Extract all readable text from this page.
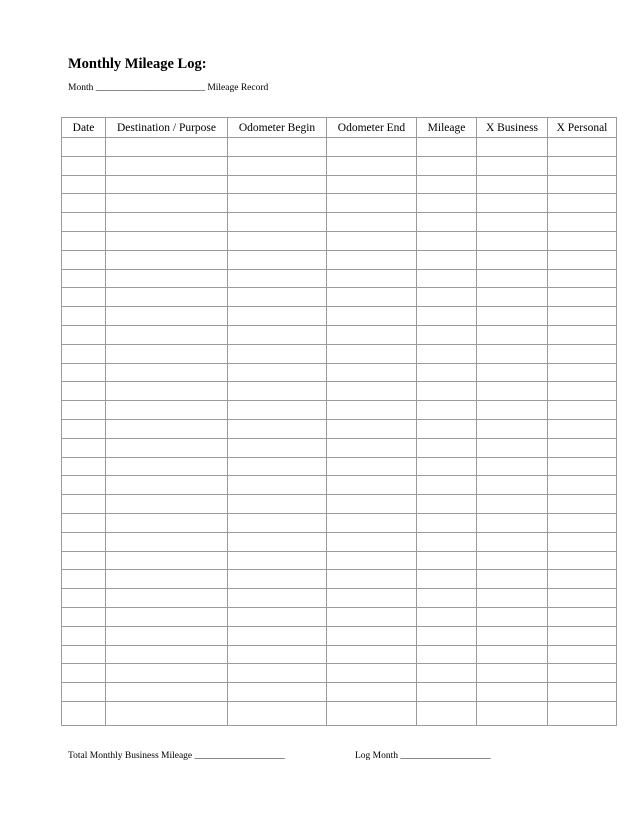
Monthly Mileage Log:
Month _______________________ Mileage Record
Date	Destination / Purpose	Odometer Begin	Odometer End	Mileage	X Business	X Personal

Total Monthly Business Mileage ___________________	Log Month ___________________
